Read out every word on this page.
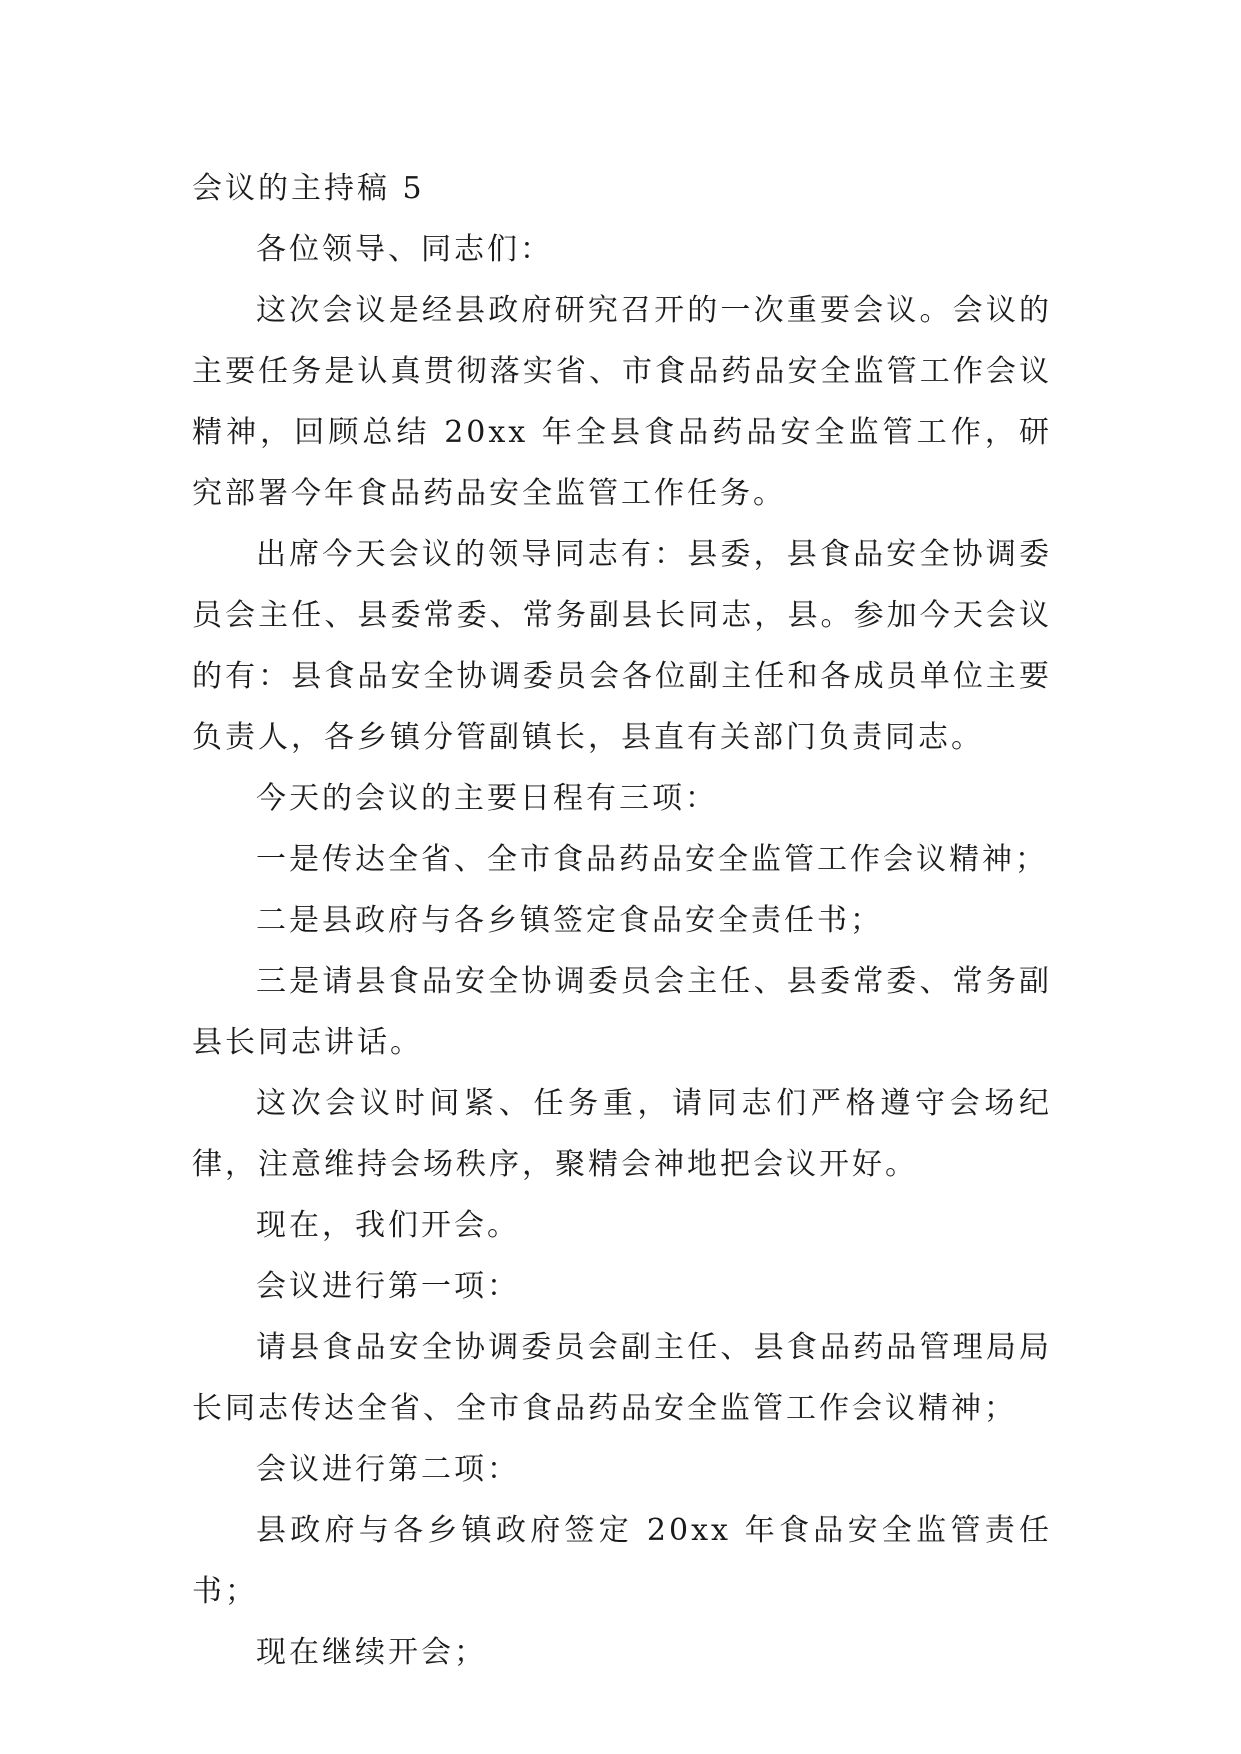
会议的主持稿 5

各位领导、同志们：

这次会议是经县政府研究召开的一次重要会议。会议的主要任务是认真贯彻落实省、市食品药品安全监管工作会议精神，回顾总结 20xx 年全县食品药品安全监管工作，研究部署今年食品药品安全监管工作任务。

出席今天会议的领导同志有：县委，县食品安全协调委员会主任、县委常委、常务副县长同志，县。参加今天会议的有：县食品安全协调委员会各位副主任和各成员单位主要负责人，各乡镇分管副镇长，县直有关部门负责同志。

今天的会议的主要日程有三项：

一是传达全省、全市食品药品安全监管工作会议精神；

二是县政府与各乡镇签定食品安全责任书；

三是请县食品安全协调委员会主任、县委常委、常务副县长同志讲话。

这次会议时间紧、任务重，请同志们严格遵守会场纪律，注意维持会场秩序，聚精会神地把会议开好。

现在，我们开会。

会议进行第一项：

请县食品安全协调委员会副主任、县食品药品管理局局长同志传达全省、全市食品药品安全监管工作会议精神；

会议进行第二项：

县政府与各乡镇政府签定 20xx 年食品安全监管责任书；

现在继续开会；
